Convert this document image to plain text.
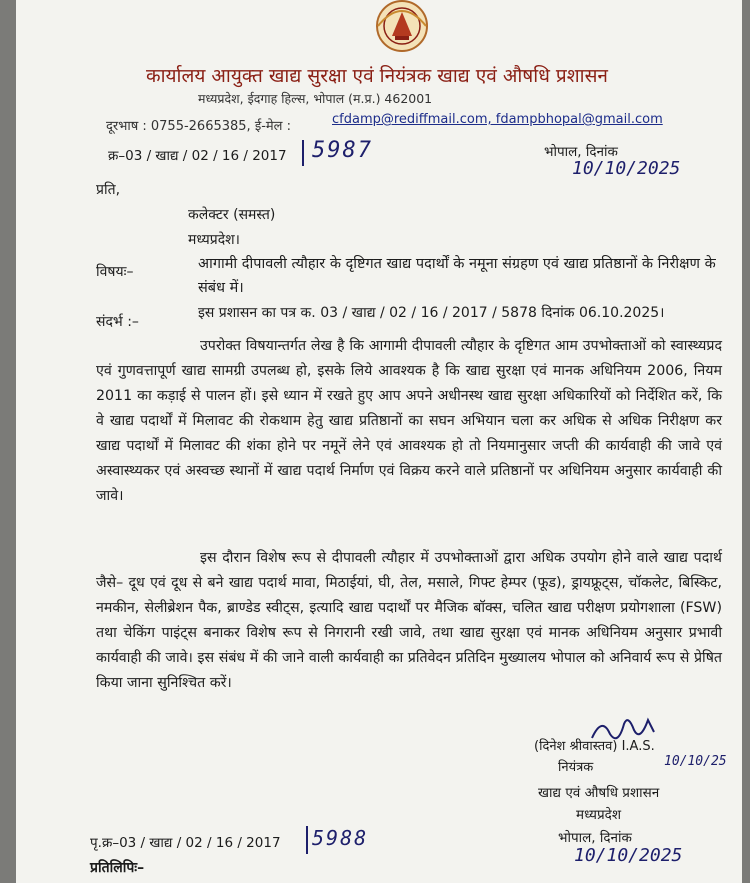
कार्यालय आयुक्त खाद्य सुरक्षा एवं नियंत्रक खाद्य एवं औषधि प्रशासन
मध्यप्रदेश, ईदगाह हिल्स, भोपाल (म.प्र.) 462001
दूरभाष : 0755-2665385, ई-मेल :	cfdamp@rediffmail.com, fdampbhopal@gmail.com
क्र–03 / खाद्य / 02 / 16 / 2017 5987	भोपाल, दिनांक
10/10/2025
प्रति,
कलेक्टर (समस्त)
मध्यप्रदेश।
विषयः–	आगामी दीपावली त्यौहार के दृष्टिगत खाद्य पदार्थों के नमूना संग्रहण एवं खाद्य प्रतिष्ठानों के निरीक्षण के संबंध में।
संदर्भ :–
इस प्रशासन का पत्र क. 03 / खाद्य / 02 / 16 / 2017 / 5878 दिनांक 06.10.2025।
उपरोक्त विषयान्तर्गत लेख है कि आगामी दीपावली त्यौहार के दृष्टिगत आम उपभोक्ताओं को स्वास्थ्यप्रद एवं गुणवत्तापूर्ण खाद्य सामग्री उपलब्ध हो, इसके लिये आवश्यक है कि खाद्य सुरक्षा एवं मानक अधिनियम 2006, नियम 2011 का कड़ाई से पालन हों। इसे ध्यान में रखते हुए आप अपने अधीनस्थ खाद्य सुरक्षा अधिकारियों को निर्देशित करें, कि वे खाद्य पदार्थों में मिलावट की रोकथाम हेतु खाद्य प्रतिष्ठानों का सघन अभियान चला कर अधिक से अधिक निरीक्षण कर खाद्य पदार्थों में मिलावट की शंका होने पर नमूनें लेने एवं आवश्यक हो तो नियमानुसार जप्ती की कार्यवाही की जावे एवं अस्वास्थ्यकर एवं अस्वच्छ स्थानों में खाद्य पदार्थ निर्माण एवं विक्रय करने वाले प्रतिष्ठानों पर अधिनियम अनुसार कार्यवाही की जावे।
इस दौरान विशेष रूप से दीपावली त्यौहार में उपभोक्ताओं द्वारा अधिक उपयोग होने वाले खाद्य पदार्थ जैसे– दूध एवं दूध से बने खाद्य पदार्थ मावा, मिठाईयां, घी, तेल, मसाले, गिफ्ट हेम्पर (फूड), ड्रायफ्रूट्स, चॉकलेट, बिस्किट, नमकीन, सेलीब्रेशन पैक, ब्राण्डेड स्वीट्स, इत्यादि खाद्य पदार्थों पर मैजिक बॉक्स, चलित खाद्य परीक्षण प्रयोगशाला (FSW) तथा चेकिंग पाइंट्स बनाकर विशेष रूप से निगरानी रखी जावे, तथा खाद्य सुरक्षा एवं मानक अधिनियम अनुसार प्रभावी कार्यवाही की जावे। इस संबंध में की जाने वाली कार्यवाही का प्रतिवेदन प्रतिदिन मुख्यालय भोपाल को अनिवार्य रूप से प्रेषित किया जाना सुनिश्चित करें।
(दिनेश श्रीवास्तव) I.A.S.
नियंत्रक	10/10/25
खाद्य एवं औषधि प्रशासन
मध्यप्रदेश
पृ.क्र–03 / खाद्य / 02 / 16 / 2017 5988	भोपाल, दिनांक
10/10/2025
प्रतिलिपिः–
